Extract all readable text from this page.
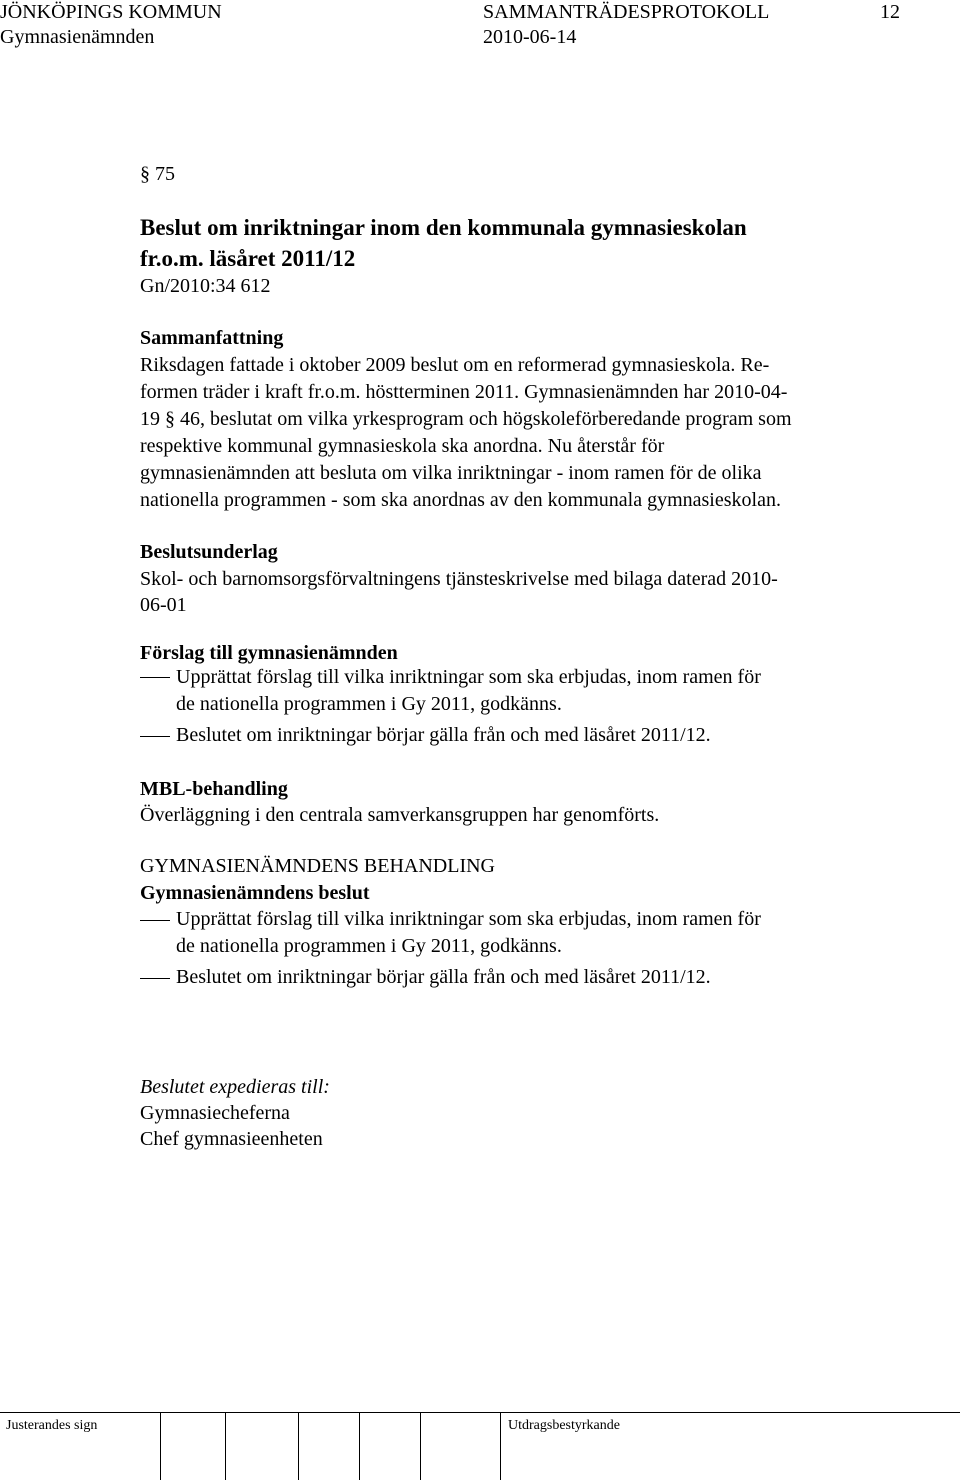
JÖNKÖPINGS KOMMUN	SAMMANTRÄDESPROTOKOLL	12
Gymnasienämnden	2010-06-14
§ 75
Beslut om inriktningar inom den kommunala gymnasieskolan
fr.o.m. läsåret 2011/12
Gn/2010:34 612
Sammanfattning
Riksdagen fattade i oktober 2009 beslut om en reformerad gymnasieskola. Re-
formen träder i kraft fr.o.m. höstterminen 2011. Gymnasienämnden har 2010-04-
19 § 46, beslutat om vilka yrkesprogram och högskoleförberedande program som
respektive kommunal gymnasieskola ska anordna. Nu återstår för
gymnasienämnden att besluta om vilka inriktningar - inom ramen för de olika
nationella programmen - som ska anordnas av den kommunala gymnasieskolan.
Beslutsunderlag
Skol- och barnomsorgsförvaltningens tjänsteskrivelse med bilaga daterad 2010-
06-01
Förslag till gymnasienämnden
Upprättat förslag till vilka inriktningar som ska erbjudas, inom ramen för
de nationella programmen i Gy 2011, godkänns.
Beslutet om inriktningar börjar gälla från och med läsåret 2011/12.
MBL-behandling
Överläggning i den centrala samverkansgruppen har genomförts.
GYMNASIENÄMNDENS BEHANDLING
Gymnasienämndens beslut
Upprättat förslag till vilka inriktningar som ska erbjudas, inom ramen för
de nationella programmen i Gy 2011, godkänns.
Beslutet om inriktningar börjar gälla från och med läsåret 2011/12.
Beslutet expedieras till:
Gymnasiecheferna
Chef gymnasieenheten
Justerandes sign	Utdragsbestyrkande
